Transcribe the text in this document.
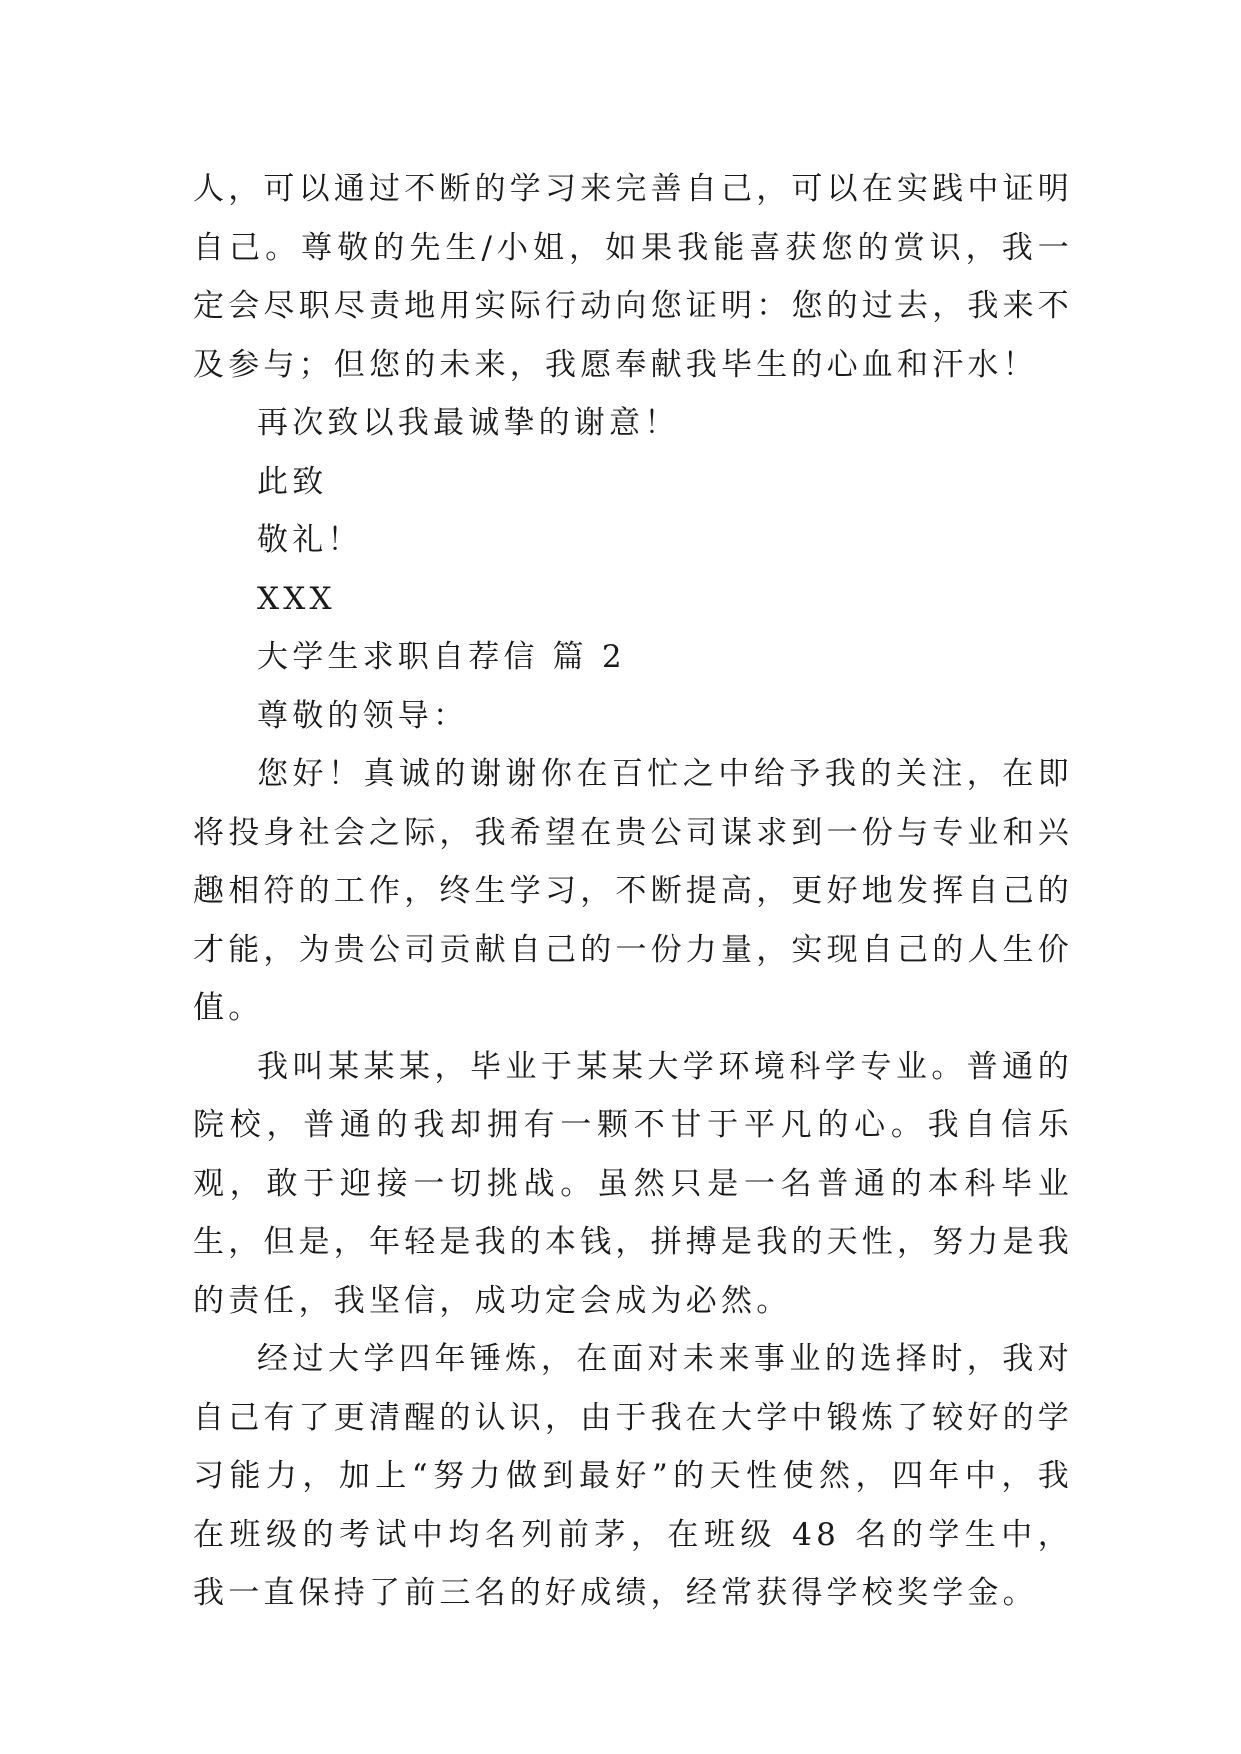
人，可以通过不断的学习来完善自己，可以在实践中证明自己。尊敬的先生/小姐，如果我能喜获您的赏识，我一定会尽职尽责地用实际行动向您证明：您的过去，我来不及参与；但您的未来，我愿奉献我毕生的心血和汗水！

再次致以我最诚挚的谢意！

此致

敬礼！

XXX

大学生求职自荐信 篇 2

尊敬的领导：

您好！真诚的谢谢你在百忙之中给予我的关注，在即将投身社会之际，我希望在贵公司谋求到一份与专业和兴趣相符的工作，终生学习，不断提高，更好地发挥自己的才能，为贵公司贡献自己的一份力量，实现自己的人生价值。

我叫某某某，毕业于某某大学环境科学专业。普通的院校，普通的我却拥有一颗不甘于平凡的心。我自信乐观，敢于迎接一切挑战。虽然只是一名普通的本科毕业生，但是，年轻是我的本钱，拼搏是我的天性，努力是我的责任，我坚信，成功定会成为必然。

经过大学四年锤炼，在面对未来事业的选择时，我对自己有了更清醒的认识，由于我在大学中锻炼了较好的学习能力，加上“努力做到最好”的天性使然，四年中，我在班级的考试中均名列前茅，在班级 48 名的学生中，我一直保持了前三名的好成绩，经常获得学校奖学金。
